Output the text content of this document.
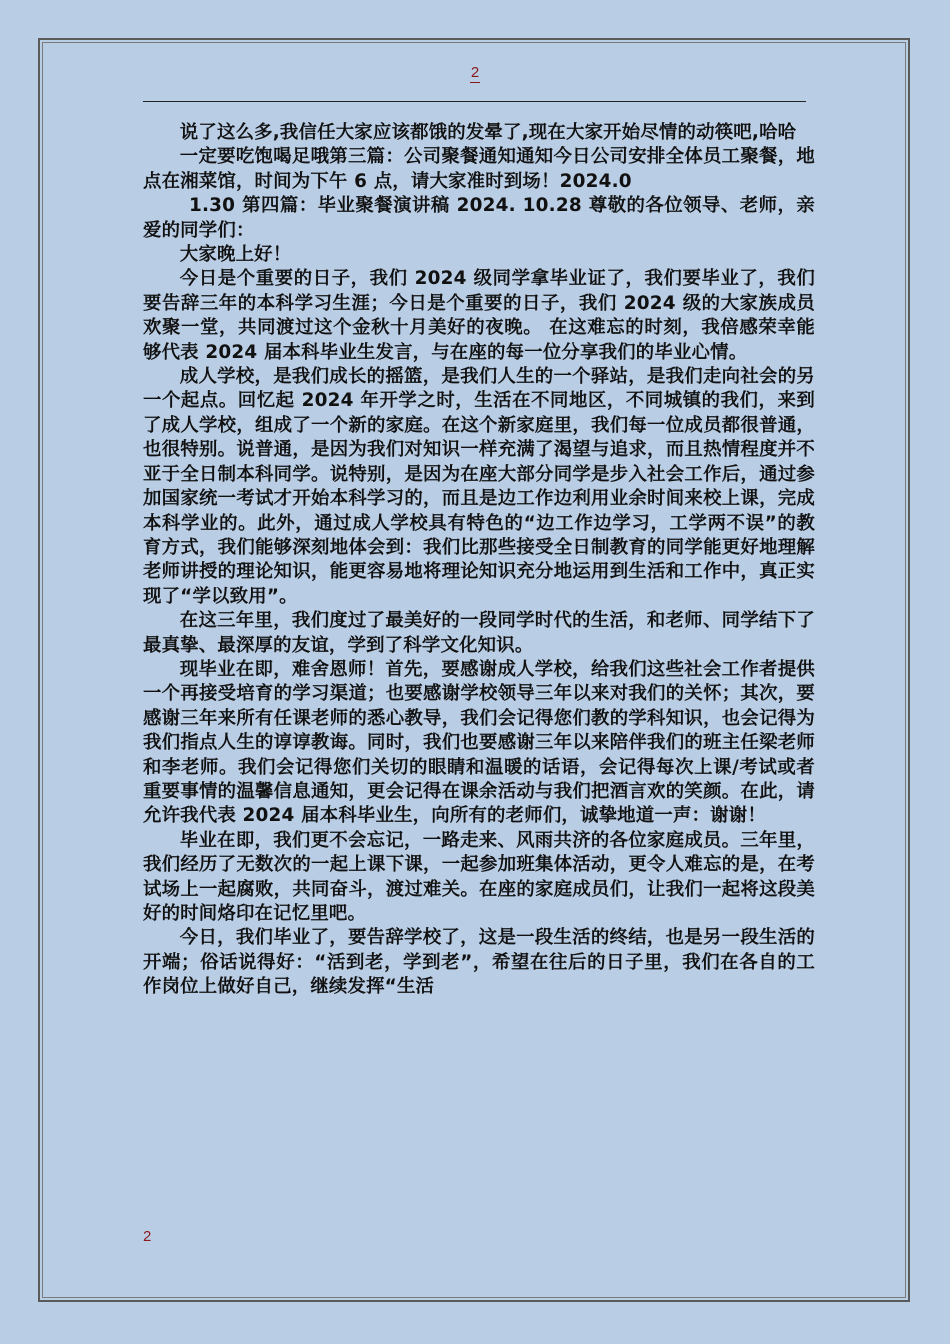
2

说了这么多,我信任大家应该都饿的发晕了,现在大家开始尽情的动筷吧,哈哈

一定要吃饱喝足哦第三篇：公司聚餐通知通知今日公司安排全体员工聚餐，地点在湘菜馆，时间为下午 6 点，请大家准时到场！2024.0

1.30 第四篇：毕业聚餐演讲稿 2024. 10.28 尊敬的各位领导、老师，亲爱的同学们：

大家晚上好！

今日是个重要的日子，我们 2024 级同学拿毕业证了，我们要毕业了，我们要告辞三年的本科学习生涯；今日是个重要的日子，我们 2024 级的大家族成员欢聚一堂，共同渡过这个金秋十月美好的夜晚。 在这难忘的时刻，我倍感荣幸能够代表 2024 届本科毕业生发言，与在座的每一位分享我们的毕业心情。

成人学校，是我们成长的摇篮，是我们人生的一个驿站，是我们走向社会的另一个起点。回忆起 2024 年开学之时，生活在不同地区，不同城镇的我们，来到了成人学校，组成了一个新的家庭。在这个新家庭里，我们每一位成员都很普通，也很特别。说普通，是因为我们对知识一样充满了渴望与追求，而且热情程度并不亚于全日制本科同学。说特别，是因为在座大部分同学是步入社会工作后，通过参加国家统一考试才开始本科学习的，而且是边工作边利用业余时间来校上课，完成本科学业的。此外，通过成人学校具有特色的“边工作边学习，工学两不误”的教育方式，我们能够深刻地体会到：我们比那些接受全日制教育的同学能更好地理解老师讲授的理论知识，能更容易地将理论知识充分地运用到生活和工作中，真正实现了“学以致用”。

在这三年里，我们度过了最美好的一段同学时代的生活，和老师、同学结下了最真挚、最深厚的友谊，学到了科学文化知识。

现毕业在即，难舍恩师！首先，要感谢成人学校，给我们这些社会工作者提供一个再接受培育的学习渠道；也要感谢学校领导三年以来对我们的关怀；其次，要感谢三年来所有任课老师的悉心教导，我们会记得您们教的学科知识，也会记得为我们指点人生的谆谆教诲。同时，我们也要感谢三年以来陪伴我们的班主任梁老师和李老师。我们会记得您们关切的眼睛和温暖的话语，会记得每次上课/考试或者重要事情的温馨信息通知，更会记得在课余活动与我们把酒言欢的笑颜。在此，请允许我代表 2024 届本科毕业生，向所有的老师们，诚挚地道一声：谢谢！

毕业在即，我们更不会忘记，一路走来、风雨共济的各位家庭成员。三年里，我们经历了无数次的一起上课下课，一起参加班集体活动，更令人难忘的是，在考试场上一起腐败，共同奋斗，渡过难关。在座的家庭成员们，让我们一起将这段美好的时间烙印在记忆里吧。

今日，我们毕业了，要告辞学校了，这是一段生活的终结，也是另一段生活的开端；俗话说得好：“活到老，学到老”，希望在往后的日子里，我们在各自的工作岗位上做好自己，继续发挥“生活

2
